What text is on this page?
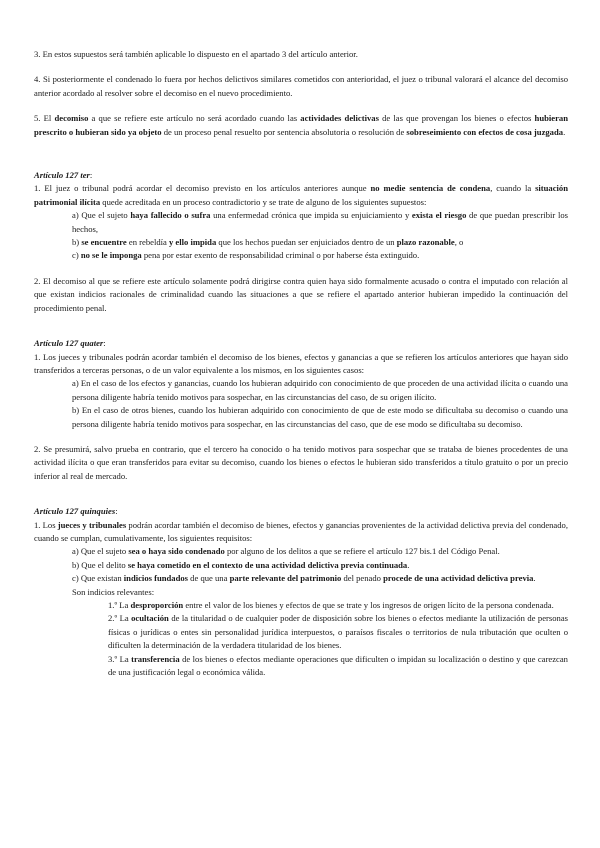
3. En estos supuestos será también aplicable lo dispuesto en el apartado 3 del artículo anterior.

4. Si posteriormente el condenado lo fuera por hechos delictivos similares cometidos con anterioridad, el juez o tribunal valorará el alcance del decomiso anterior acordado al resolver sobre el decomiso en el nuevo procedimiento.

5. El decomiso a que se refiere este artículo no será acordado cuando las actividades delictivas de las que provengan los bienes o efectos hubieran prescrito o hubieran sido ya objeto de un proceso penal resuelto por sentencia absolutoria o resolución de sobreseimiento con efectos de cosa juzgada.

Artículo 127 ter:

1. El juez o tribunal podrá acordar el decomiso previsto en los artículos anteriores aunque no medie sentencia de condena, cuando la situación patrimonial ilícita quede acreditada en un proceso contradictorio y se trate de alguno de los siguientes supuestos:

a) Que el sujeto haya fallecido o sufra una enfermedad crónica que impida su enjuiciamiento y exista el riesgo de que puedan prescribir los hechos,

b) se encuentre en rebeldía y ello impida que los hechos puedan ser enjuiciados dentro de un plazo razonable, o

c) no se le imponga pena por estar exento de responsabilidad criminal o por haberse ésta extinguido.

2. El decomiso al que se refiere este artículo solamente podrá dirigirse contra quien haya sido formalmente acusado o contra el imputado con relación al que existan indicios racionales de criminalidad cuando las situaciones a que se refiere el apartado anterior hubieran impedido la continuación del procedimiento penal.

Artículo 127 quater:

1. Los jueces y tribunales podrán acordar también el decomiso de los bienes, efectos y ganancias a que se refieren los artículos anteriores que hayan sido transferidos a terceras personas, o de un valor equivalente a los mismos, en los siguientes casos:

a) En el caso de los efectos y ganancias, cuando los hubieran adquirido con conocimiento de que proceden de una actividad ilícita o cuando una persona diligente habría tenido motivos para sospechar, en las circunstancias del caso, de su origen ilícito.

b) En el caso de otros bienes, cuando los hubieran adquirido con conocimiento de que de este modo se dificultaba su decomiso o cuando una persona diligente habría tenido motivos para sospechar, en las circunstancias del caso, que de ese modo se dificultaba su decomiso.

2. Se presumirá, salvo prueba en contrario, que el tercero ha conocido o ha tenido motivos para sospechar que se trataba de bienes procedentes de una actividad ilícita o que eran transferidos para evitar su decomiso, cuando los bienes o efectos le hubieran sido transferidos a título gratuito o por un precio inferior al real de mercado.

Artículo 127 quinquies:

1. Los jueces y tribunales podrán acordar también el decomiso de bienes, efectos y ganancias provenientes de la actividad delictiva previa del condenado, cuando se cumplan, cumulativamente, los siguientes requisitos:

a) Que el sujeto sea o haya sido condenado por alguno de los delitos a que se refiere el artículo 127 bis.1 del Código Penal.

b) Que el delito se haya cometido en el contexto de una actividad delictiva previa continuada.

c) Que existan indicios fundados de que una parte relevante del patrimonio del penado procede de una actividad delictiva previa.

Son indicios relevantes:

1.º La desproporción entre el valor de los bienes y efectos de que se trate y los ingresos de origen lícito de la persona condenada.

2.º La ocultación de la titularidad o de cualquier poder de disposición sobre los bienes o efectos mediante la utilización de personas físicas o jurídicas o entes sin personalidad jurídica interpuestos, o paraísos fiscales o territorios de nula tributación que oculten o dificulten la determinación de la verdadera titularidad de los bienes.

3.º La transferencia de los bienes o efectos mediante operaciones que dificulten o impidan su localización o destino y que carezcan de una justificación legal o económica válida.
